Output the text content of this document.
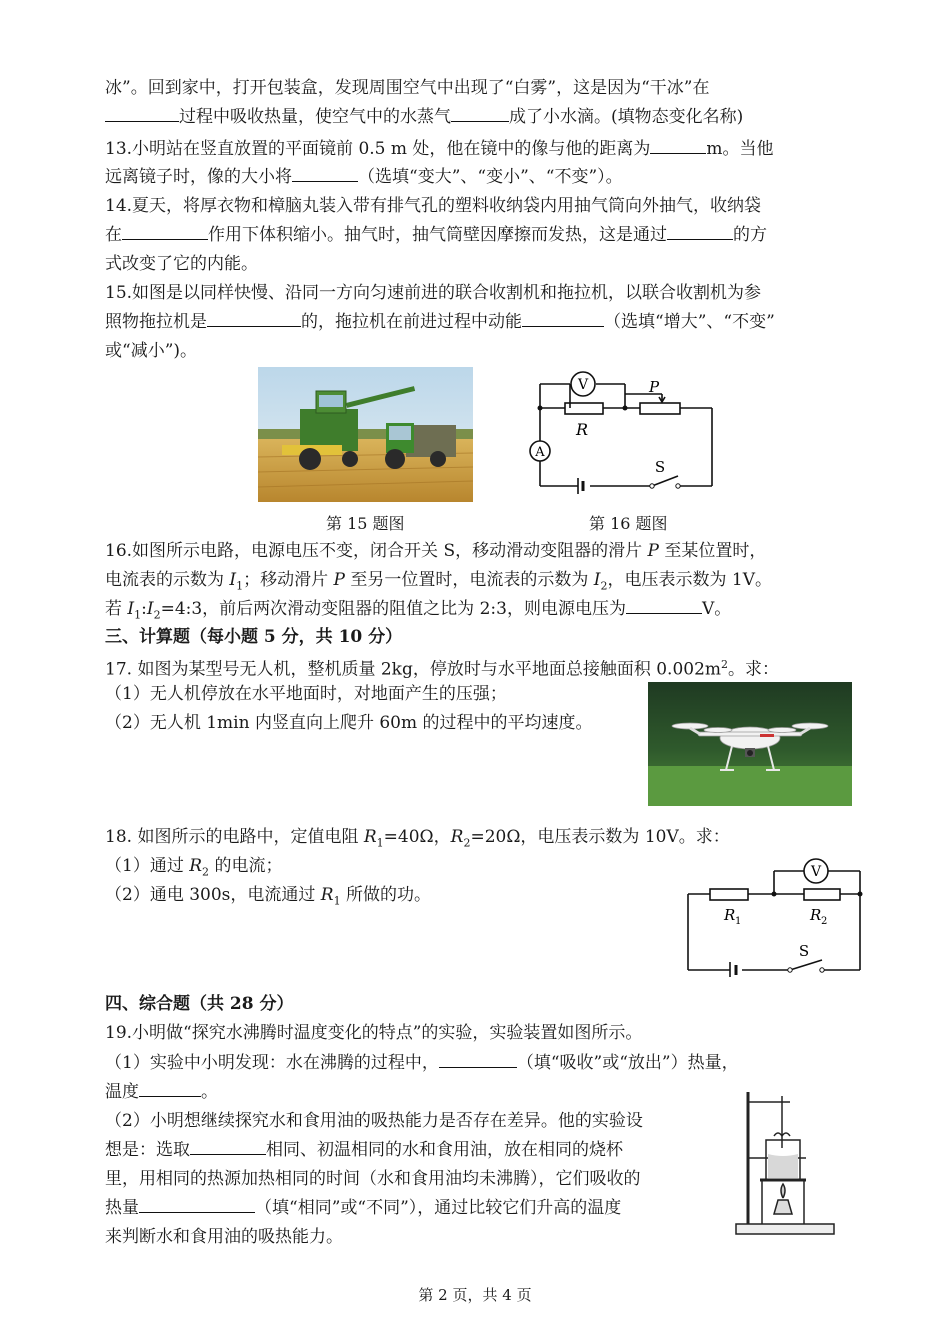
冰”。回到家中，打开包装盒，发现周围空气中出现了“白雾”，这是因为“干冰”在
过程中吸收热量，使空气中的水蒸气	成了小水滴。(填物态变化名称)
13.小明站在竖直放置的平面镜前 0.5 m 处，他在镜中的像与他的距离为	m。当他
远离镜子时，像的大小将	（选填“变大”、“变小”、“不变”）。
14.夏天，将厚衣物和樟脑丸装入带有排气孔的塑料收纳袋内用抽气筒向外抽气，收纳袋
在	作用下体积缩小。抽气时，抽气筒壁因摩擦而发热，这是通过	的方
式改变了它的内能。
15.如图是以同样快慢、沿同一方向匀速前进的联合收割机和拖拉机，以联合收割机为参
照物拖拉机是	的，拖拉机在前进过程中动能	（选填“增大”、“不变”
或“减小”)。
第 15 题图
V
A
R
P
S
第 16 题图
16.如图所示电路，电源电压不变，闭合开关 S，移动滑动变阻器的滑片 P 至某位置时，
电流表的示数为 $I_1$；移动滑片 P 至另一位置时，电流表的示数为 $I_2$，电压表示数为 1V。
若 $I_1:I_2=4:3$，前后两次滑动变阻器的阻值之比为 2:3，则电源电压为	V。
三、计算题（每小题 5 分，共 10 分）
17. 如图为某型号无人机，整机质量 2kg，停放时与水平地面总接触面积 $0.002m^2$。求：
（1）无人机停放在水平地面时，对地面产生的压强；
（2）无人机 1min 内竖直向上爬升 60m 的过程中的平均速度。
18. 如图所示的电路中，定值电阻 $R_1=40\Omega$，$R_2=20\Omega$，电压表示数为 10V。求：
（1）通过 $R_2$ 的电流；
（2）通电 300s，电流通过 $R_1$ 所做的功。
V
R 1	R 2
S
四、综合题（共 28 分）
19.小明做“探究水沸腾时温度变化的特点”的实验，实验装置如图所示。
（1）实验中小明发现：水在沸腾的过程中，	（填“吸收”或“放出”）热量，
温度	。
（2）小明想继续探究水和食用油的吸热能力是否存在差异。他的实验设
想是：选取	相同、初温相同的水和食用油，放在相同的烧杯
里，用相同的热源加热相同的时间（水和食用油均未沸腾），它们吸收的
热量	（填“相同”或“不同”），通过比较它们升高的温度
来判断水和食用油的吸热能力。
第 2 页，共 4 页
